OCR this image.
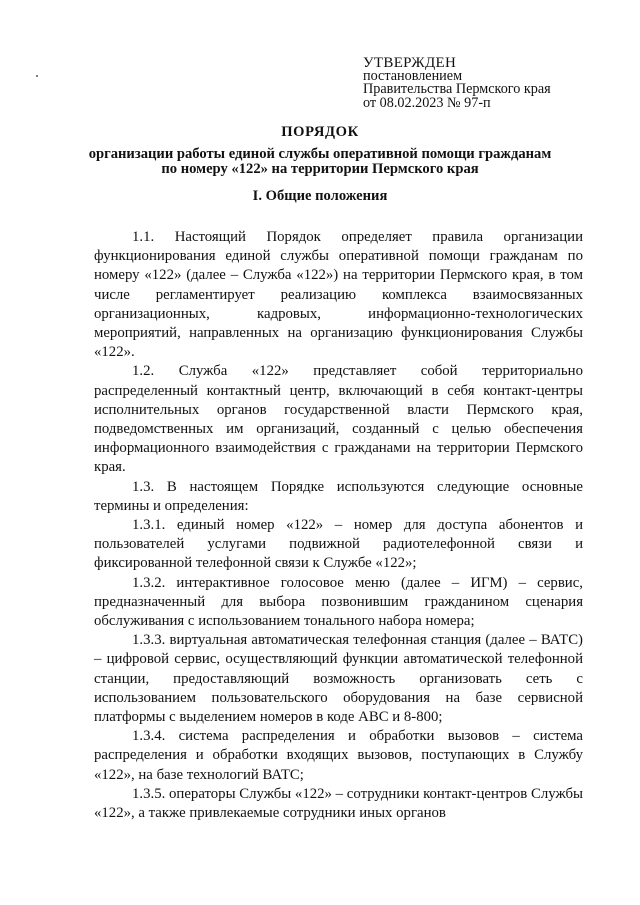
УТВЕРЖДЕН
постановлением
Правительства Пермского края
от 08.02.2023 № 97-п
ПОРЯДОК
организации работы единой службы оперативной помощи гражданам
по номеру «122» на территории Пермского края
I. Общие положения

1.1. Настоящий Порядок определяет правила организации функционирования единой службы оперативной помощи гражданам по номеру «122» (далее – Служба «122») на территории Пермского края, в том числе регламентирует реализацию комплекса взаимосвязанных организационных, кадровых, информационно-технологических мероприятий, направленных на организацию функционирования Службы «122».

1.2. Служба «122» представляет собой территориально распределенный контактный центр, включающий в себя контакт-центры исполнительных органов государственной власти Пермского края, подведомственных им организаций, созданный с целью обеспечения информационного взаимодействия с гражданами на территории Пермского края.

1.3. В настоящем Порядке используются следующие основные термины и определения:

1.3.1. единый номер «122» – номер для доступа абонентов и пользователей услугами подвижной радиотелефонной связи и фиксированной телефонной связи к Службе «122»;

1.3.2. интерактивное голосовое меню (далее – ИГМ) – сервис, предназначенный для выбора позвонившим гражданином сценария обслуживания с использованием тонального набора номера;

1.3.3. виртуальная автоматическая телефонная станция (далее – ВАТС) – цифровой сервис, осуществляющий функции автоматической телефонной станции, предоставляющий возможность организовать сеть с использованием пользовательского оборудования на базе сервисной платформы с выделением номеров в коде АВС и 8-800;

1.3.4. система распределения и обработки вызовов – система распределения и обработки входящих вызовов, поступающих в Службу «122», на базе технологий ВАТС;

1.3.5. операторы Службы «122» – сотрудники контакт-центров Службы «122», а также привлекаемые сотрудники иных органов
